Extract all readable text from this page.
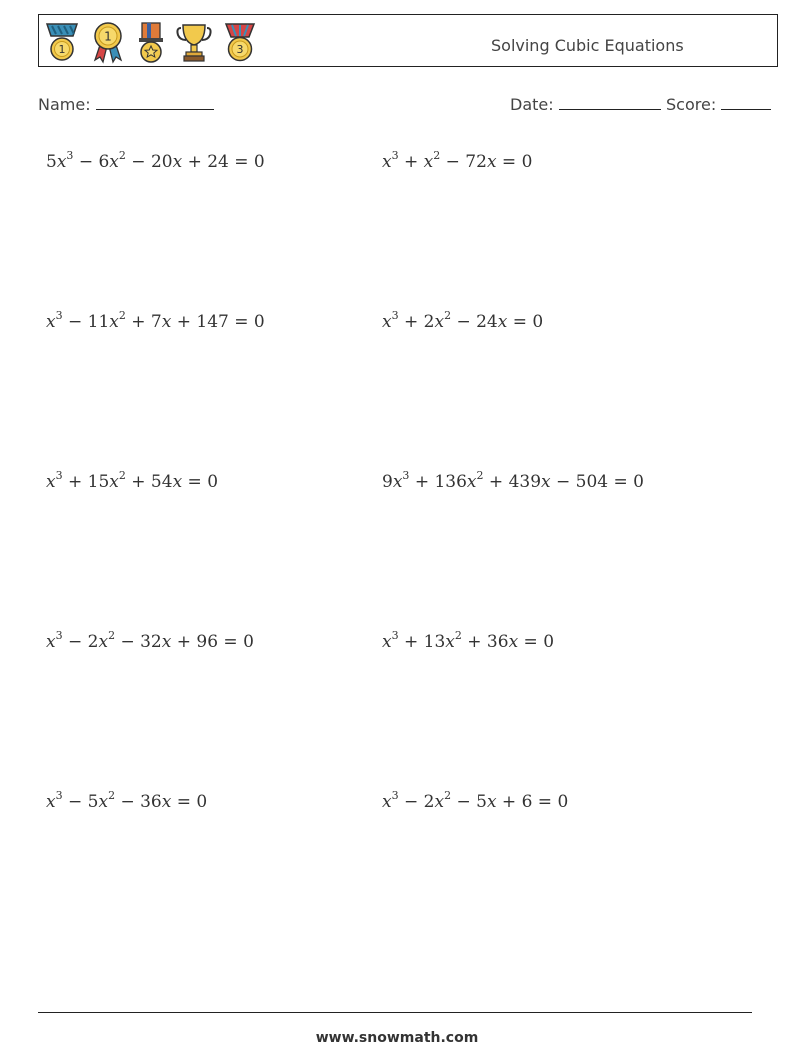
1
1
3	Solving Cubic Equations
Name:	Date:	Score:
$5x^3 - 6x^2 - 20x + 24 = 0$	$x^3 + x^2 - 72x = 0$
$x^3 - 11x^2 + 7x + 147 = 0$	$x^3 + 2x^2 - 24x = 0$
$x^3 + 15x^2 + 54x = 0$	$9x^3 + 136x^2 + 439x - 504 = 0$
$x^3 - 2x^2 - 32x + 96 = 0$	$x^3 + 13x^2 + 36x = 0$
$x^3 - 5x^2 - 36x = 0$	$x^3 - 2x^2 - 5x + 6 = 0$
www.snowmath.com
